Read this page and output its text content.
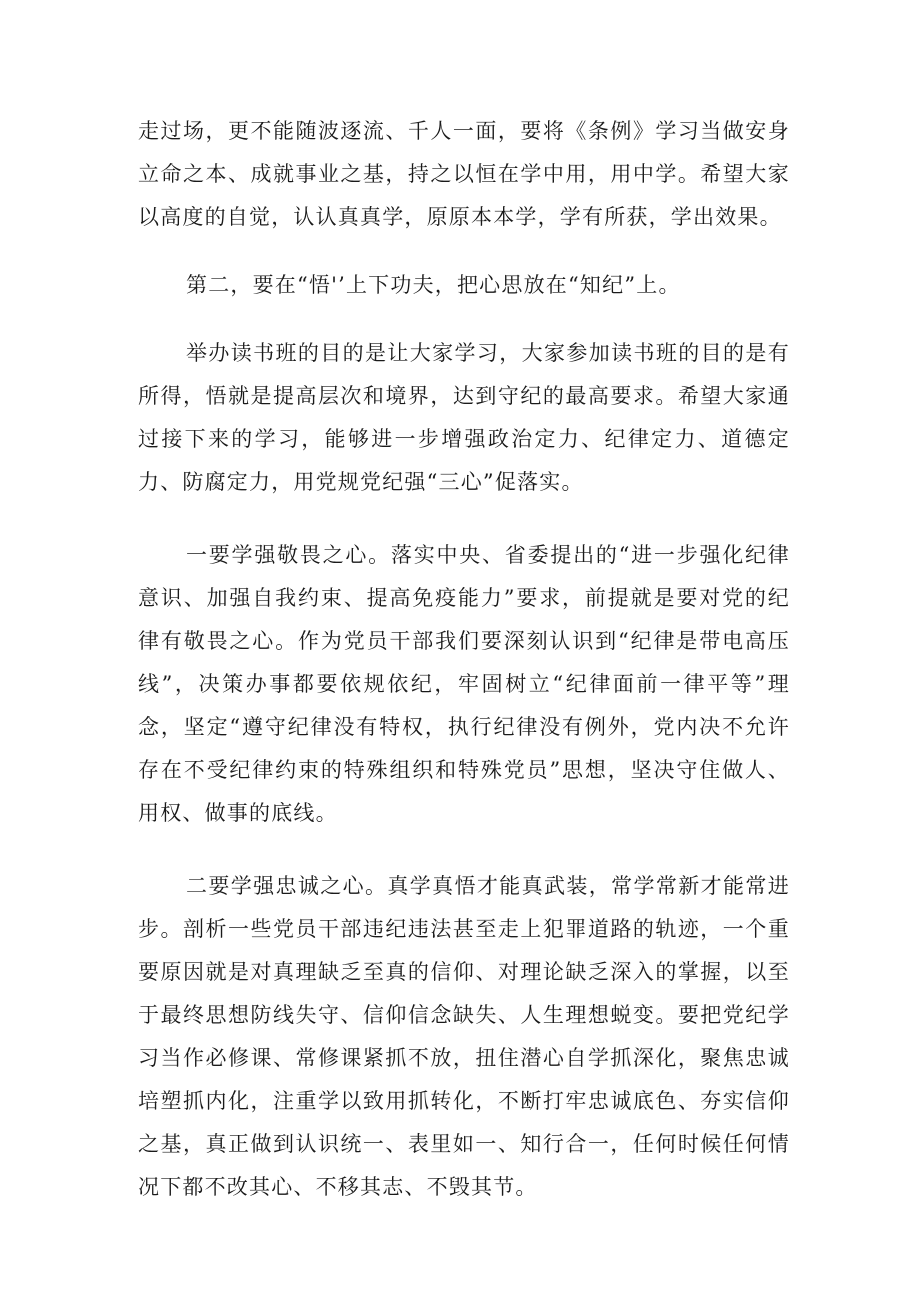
走过场，更不能随波逐流、千人一面，要将《条例》学习当做安身立命之本、成就事业之基，持之以恒在学中用，用中学。希望大家以高度的自觉，认认真真学，原原本本学，学有所获，学出效果。

第二，要在“悟'’上下功夫，把心思放在“知纪”上。

举办读书班的目的是让大家学习，大家参加读书班的目的是有所得，悟就是提高层次和境界，达到守纪的最高要求。希望大家通过接下来的学习，能够进一步增强政治定力、纪律定力、道德定力、防腐定力，用党规党纪强“三心”促落实。

一要学强敬畏之心。落实中央、省委提出的“进一步强化纪律意识、加强自我约束、提高免疫能力”要求，前提就是要对党的纪律有敬畏之心。作为党员干部我们要深刻认识到“纪律是带电高压线”，决策办事都要依规依纪，牢固树立“纪律面前一律平等”理念，坚定“遵守纪律没有特权，执行纪律没有例外，党内决不允许存在不受纪律约束的特殊组织和特殊党员”思想，坚决守住做人、用权、做事的底线。

二要学强忠诚之心。真学真悟才能真武装，常学常新才能常进步。剖析一些党员干部违纪违法甚至走上犯罪道路的轨迹，一个重要原因就是对真理缺乏至真的信仰、对理论缺乏深入的掌握，以至于最终思想防线失守、信仰信念缺失、人生理想蜕变。要把党纪学习当作必修课、常修课紧抓不放，扭住潜心自学抓深化，聚焦忠诚培塑抓内化，注重学以致用抓转化，不断打牢忠诚底色、夯实信仰之基，真正做到认识统一、表里如一、知行合一，任何时候任何情况下都不改其心、不移其志、不毁其节。
